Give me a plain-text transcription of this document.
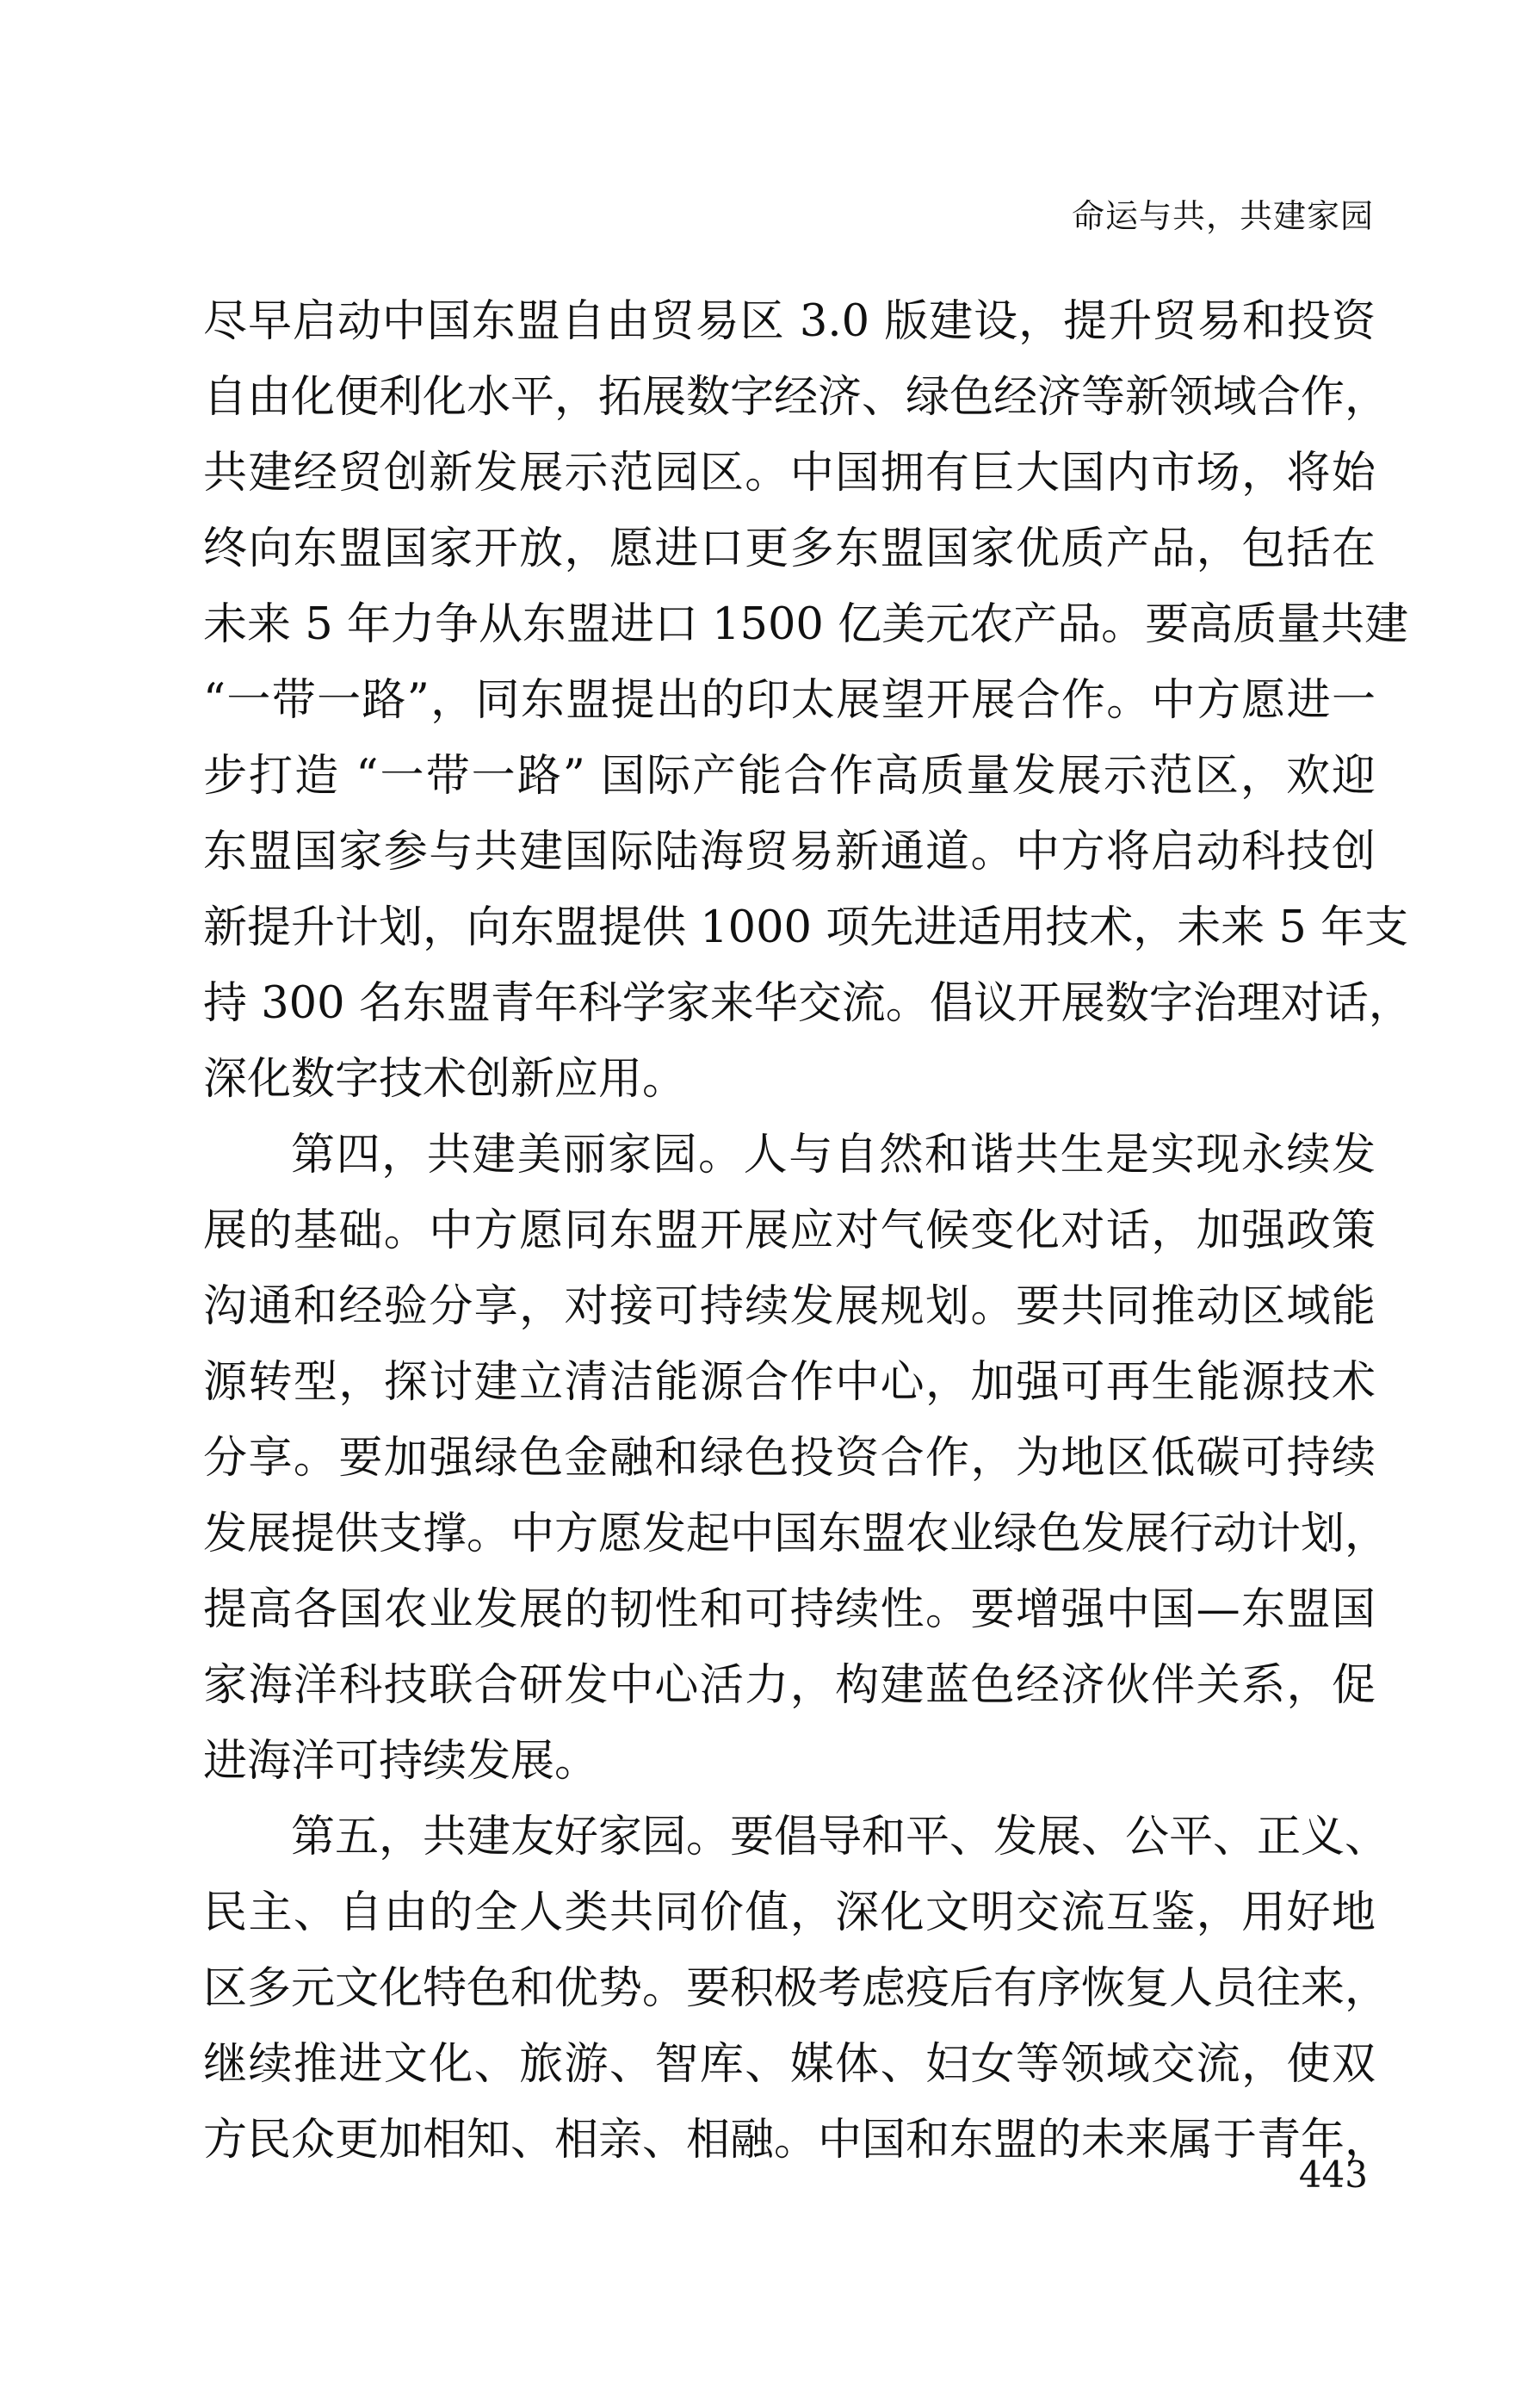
命运与共，共建家园
尽早启动中国东盟自由贸易区 3.0 版建设，提升贸易和投资
自由化便利化水平，拓展数字经济、绿色经济等新领域合作，
共建经贸创新发展示范园区。中国拥有巨大国内市场，将始
终向东盟国家开放，愿进口更多东盟国家优质产品，包括在
未来 5 年力争从东盟进口 1500 亿美元农产品。要高质量共建
“一带一路”，同东盟提出的印太展望开展合作。中方愿进一
步打造 “一带一路” 国际产能合作高质量发展示范区，欢迎
东盟国家参与共建国际陆海贸易新通道。中方将启动科技创
新提升计划，向东盟提供 1000 项先进适用技术，未来 5 年支
持 300 名东盟青年科学家来华交流。倡议开展数字治理对话，
深化数字技术创新应用。
第四，共建美丽家园。人与自然和谐共生是实现永续发
展的基础。中方愿同东盟开展应对气候变化对话，加强政策
沟通和经验分享，对接可持续发展规划。要共同推动区域能
源转型，探讨建立清洁能源合作中心，加强可再生能源技术
分享。要加强绿色金融和绿色投资合作，为地区低碳可持续
发展提供支撑。中方愿发起中国东盟农业绿色发展行动计划，
提高各国农业发展的韧性和可持续性。要增强中国—东盟国
家海洋科技联合研发中心活力，构建蓝色经济伙伴关系，促
进海洋可持续发展。
第五，共建友好家园。要倡导和平、发展、公平、正义、
民主、自由的全人类共同价值，深化文明交流互鉴，用好地
区多元文化特色和优势。要积极考虑疫后有序恢复人员往来，
继续推进文化、旅游、智库、媒体、妇女等领域交流，使双
方民众更加相知、相亲、相融。中国和东盟的未来属于青年，
443
